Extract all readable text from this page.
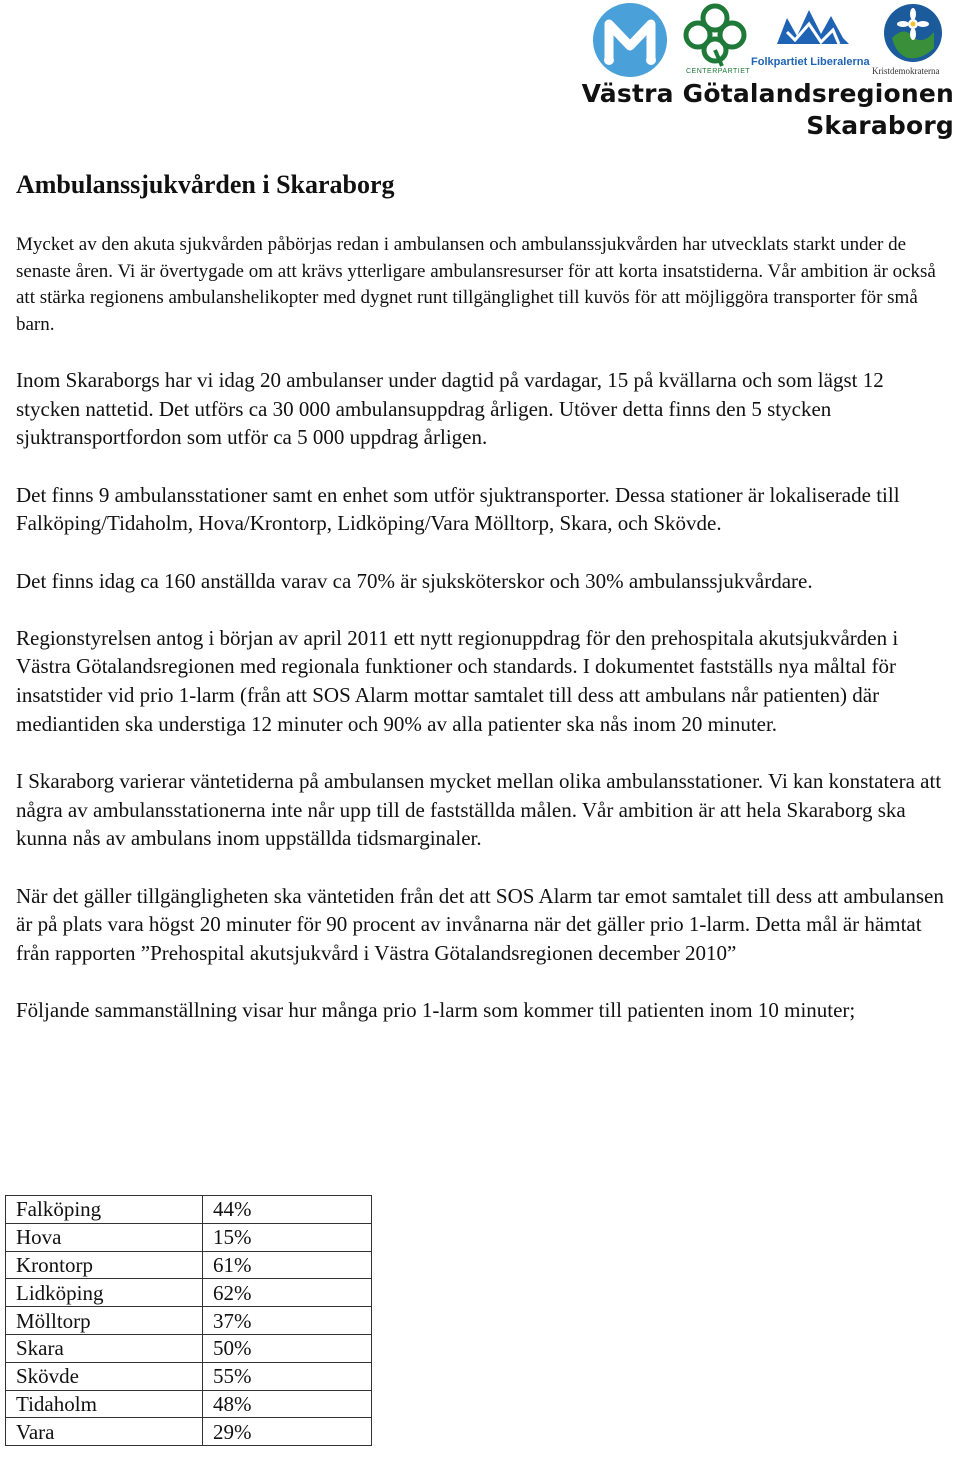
CENTERPARTIET
Folkpartiet Liberalerna
Kristdemokraterna
Västra Götalandsregionen
Skaraborg
Ambulanssjukvården i Skaraborg

Mycket av den akuta sjukvården påbörjas redan i ambulansen och ambulanssjukvården har utvecklats starkt under de senaste åren. Vi är övertygade om att krävs ytterligare ambulansresurser för att korta insatstiderna. Vår ambition är också att stärka regionens ambulanshelikopter med dygnet runt tillgänglighet till kuvös för att möjliggöra transporter för små barn.

Inom Skaraborgs har vi idag 20 ambulanser under dagtid på vardagar, 15 på kvällarna och som lägst 12 stycken nattetid. Det utförs ca 30 000 ambulansuppdrag årligen. Utöver detta finns den 5 stycken sjuktransportfordon som utför ca 5 000 uppdrag årligen.

Det finns 9 ambulansstationer samt en enhet som utför sjuktransporter. Dessa stationer är lokaliserade till Falköping/Tidaholm, Hova/Krontorp, Lidköping/Vara Mölltorp, Skara, och Skövde.

Det finns idag ca 160 anställda varav ca 70% är sjuksköterskor och 30% ambulanssjukvårdare.

Regionstyrelsen antog i början av april 2011 ett nytt regionuppdrag för den prehospitala akutsjukvården i Västra Götalandsregionen med regionala funktioner och standards. I dokumentet fastställs nya måltal för insatstider vid prio 1-larm (från att SOS Alarm mottar samtalet till dess att ambulans når patienten) där mediantiden ska understiga 12 minuter och 90% av alla patienter ska nås inom 20 minuter.

I Skaraborg varierar väntetiderna på ambulansen mycket mellan olika ambulansstationer. Vi kan konstatera att några av ambulansstationerna inte når upp till de fastställda målen. Vår ambition är att hela Skaraborg ska kunna nås av ambulans inom uppställda tidsmarginaler.

När det gäller tillgängligheten ska väntetiden från det att SOS Alarm tar emot samtalet till dess att ambulansen är på plats vara högst 20 minuter för 90 procent av invånarna när det gäller prio 1-larm. Detta mål är hämtat från rapporten ”Prehospital akutsjukvård i Västra Götalandsregionen december 2010”

Följande sammanställning visar hur många prio 1-larm som kommer till patienten inom 10 minuter;

Falköping	44%
Hova	15%
Krontorp	61%
Lidköping	62%
Mölltorp	37%
Skara	50%
Skövde	55%
Tidaholm	48%
Vara	29%
